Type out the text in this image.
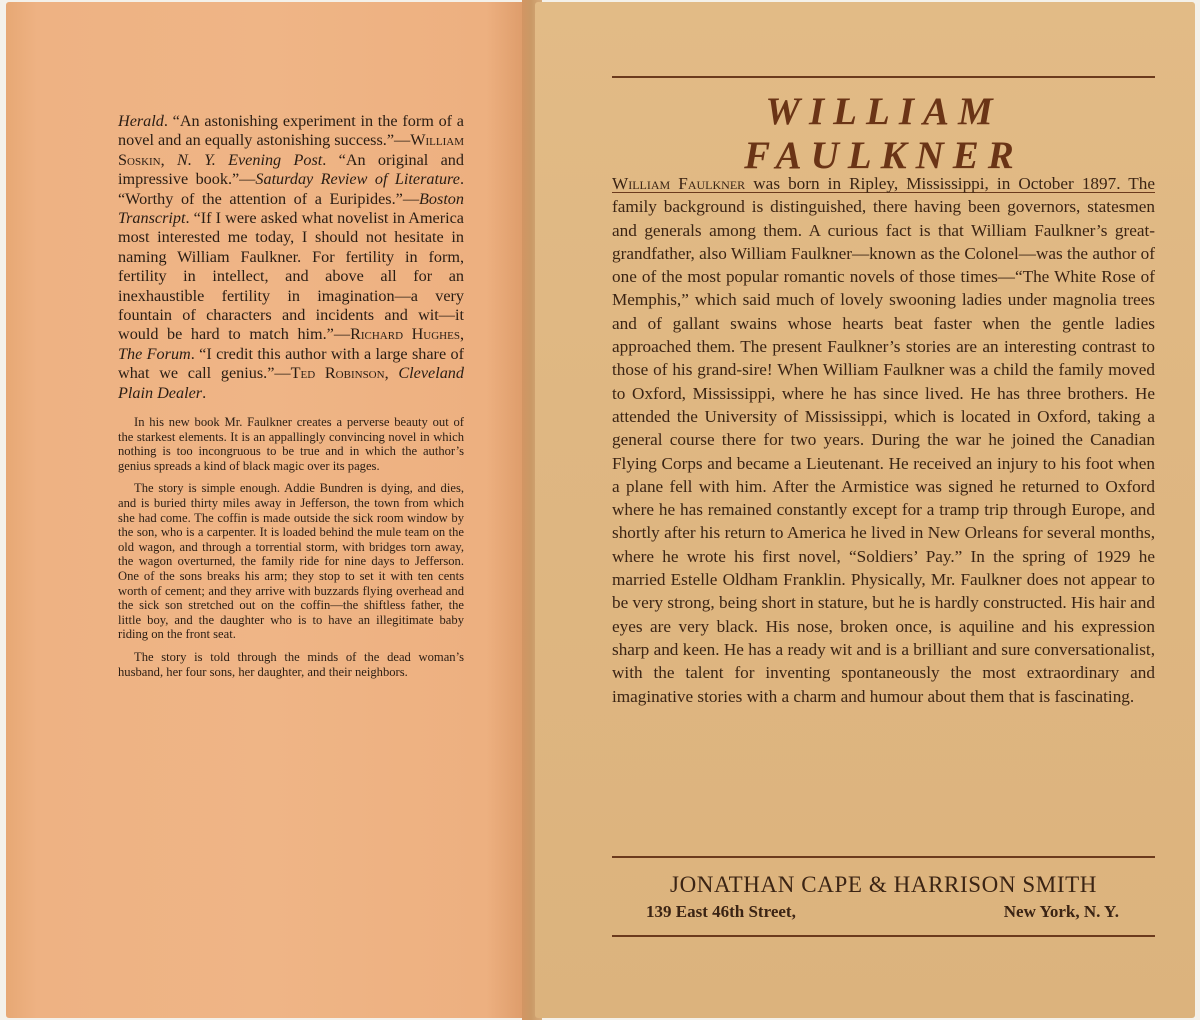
Herald. “An astonishing experiment in the form of a novel and an equally astonishing success.”—William Soskin, N. Y. Evening Post. “An original and impressive book.”—Saturday Review of Literature. “Worthy of the attention of a Euripides.”—Boston Transcript. “If I were asked what novelist in America most interested me today, I should not hesitate in naming William Faulkner. For fertility in form, fertility in intellect, and above all for an inexhaustible fertility in imagination—a very fountain of characters and incidents and wit—it would be hard to match him.”—Richard Hughes, The Forum. “I credit this author with a large share of what we call genius.”—Ted Robinson, Cleveland Plain Dealer.

In his new book Mr. Faulkner creates a perverse beauty out of the starkest elements. It is an appallingly convincing novel in which nothing is too incongruous to be true and in which the author’s genius spreads a kind of black magic over its pages.

The story is simple enough. Addie Bundren is dying, and dies, and is buried thirty miles away in Jefferson, the town from which she had come. The coffin is made outside the sick room window by the son, who is a carpenter. It is loaded behind the mule team on the old wagon, and through a torrential storm, with bridges torn away, the wagon overturned, the family ride for nine days to Jefferson. One of the sons breaks his arm; they stop to set it with ten cents worth of cement; and they arrive with buzzards flying overhead and the sick son stretched out on the coffin—the shiftless father, the little boy, and the daughter who is to have an illegitimate baby riding on the front seat.

The story is told through the minds of the dead woman’s husband, her four sons, her daughter, and their neighbors.

WILLIAM FAULKNER

William Faulkner was born in Ripley, Mississippi, in October 1897. The family background is distinguished, there having been governors, statesmen and generals among them. A curious fact is that William Faulkner’s great-grandfather, also William Faulkner—known as the Colonel—was the author of one of the most popular romantic novels of those times—“The White Rose of Memphis,” which said much of lovely swooning ladies under magnolia trees and of gallant swains whose hearts beat faster when the gentle ladies approached them. The present Faulkner’s stories are an interesting contrast to those of his grand-sire! When William Faulkner was a child the family moved to Oxford, Mississippi, where he has since lived. He has three brothers. He attended the University of Mississippi, which is located in Oxford, taking a general course there for two years. During the war he joined the Canadian Flying Corps and became a Lieutenant. He received an injury to his foot when a plane fell with him. After the Armistice was signed he returned to Oxford where he has remained constantly except for a tramp trip through Europe, and shortly after his return to America he lived in New Orleans for several months, where he wrote his first novel, “Soldiers’ Pay.” In the spring of 1929 he married Estelle Oldham Franklin. Physically, Mr. Faulkner does not appear to be very strong, being short in stature, but he is hardly constructed. His hair and eyes are very black. His nose, broken once, is aquiline and his expression sharp and keen. He has a ready wit and is a brilliant and sure conversationalist, with the talent for inventing spontaneously the most extraordinary and imaginative stories with a charm and humour about them that is fascinating.

JONATHAN CAPE & HARRISON SMITH
139 East 46th Street,	New York, N. Y.
